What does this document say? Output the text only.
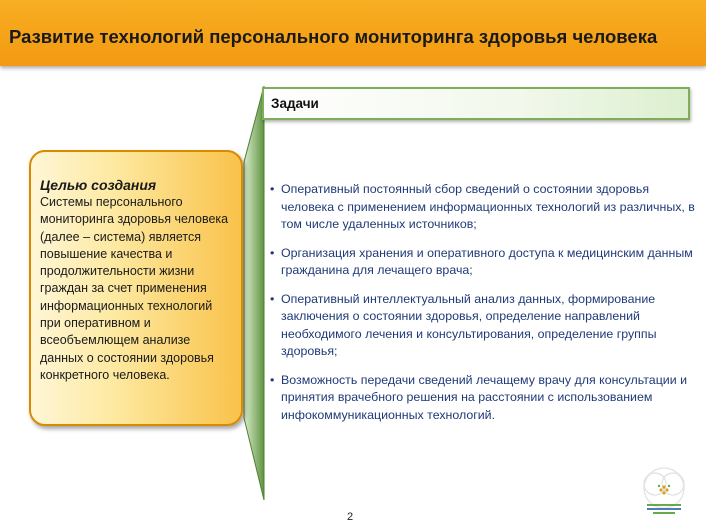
Развитие технологий персонального мониторинга здоровья человека
Целью создания
Системы персонального мониторинга здоровья человека (далее – система) является повышение качества и продолжительности жизни граждан за счет применения информационных технологий при оперативном и всеобъемлющем анализе данных о состоянии здоровья конкретного человека.
Задачи
• Оперативный постоянный сбор сведений о состоянии здоровья человека с применением информационных технологий из различных, в том числе удаленных источников;
• Организация хранения и оперативного доступа к медицинским данным гражданина для лечащего врача;
• Оперативный интеллектуальный анализ данных, формирование заключения о состоянии здоровья, определение направлений необходимого лечения и консультирования, определение группы здоровья;
• Возможность передачи сведений лечащему врачу для консультации и принятия врачебного решения на расстоянии с использованием инфокоммуникационных технологий.
2
